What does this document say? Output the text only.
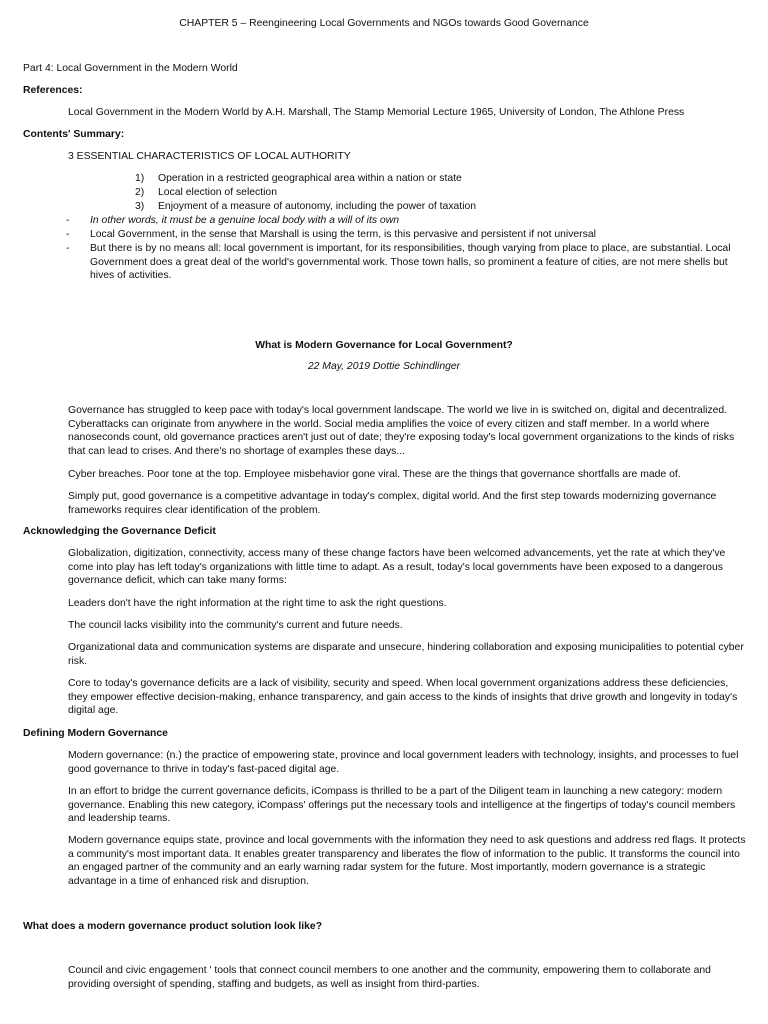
CHAPTER 5 – Reengineering Local Governments and NGOs towards Good Governance

Part 4: Local Government in the Modern World

References:

Local Government in the Modern World by A.H. Marshall, The Stamp Memorial Lecture 1965, University of London, The Athlone Press

Contents' Summary:

3 ESSENTIAL CHARACTERISTICS OF LOCAL AUTHORITY

1) Operation in a restricted geographical area within a nation or state

2) Local election of selection

3) Enjoyment of a measure of autonomy, including the power of taxation

- In other words, it must be a genuine local body with a will of its own
- Local Government, in the sense that Marshall is using the term, is this pervasive and persistent if not universal
- But there is by no means all: local government is important, for its responsibilities, though varying from place to place, are substantial. Local Government does a great deal of the world's governmental work. Those town halls, so prominent a feature of cities, are not mere shells but hives of activities.

What is Modern Governance for Local Government?

22 May, 2019 Dottie Schindlinger

Governance has struggled to keep pace with today's local government landscape. The world we live in is switched on, digital and decentralized. Cyberattacks can originate from anywhere in the world. Social media amplifies the voice of every citizen and staff member. In a world where nanoseconds count, old governance practices aren't just out of date; they're exposing today's local government organizations to the kinds of risks that can lead to crises. And there's no shortage of examples these days...

Cyber breaches. Poor tone at the top. Employee misbehavior gone viral. These are the things that governance shortfalls are made of.

Simply put, good governance is a competitive advantage in today's complex, digital world. And the first step towards modernizing governance frameworks requires clear identification of the problem.

Acknowledging the Governance Deficit

Globalization, digitization, connectivity, access many of these change factors have been welcomed advancements, yet the rate at which they've come into play has left today's organizations with little time to adapt. As a result, today's local governments have been exposed to a dangerous governance deficit, which can take many forms:

Leaders don't have the right information at the right time to ask the right questions.

The council lacks visibility into the community's current and future needs.

Organizational data and communication systems are disparate and unsecure, hindering collaboration and exposing municipalities to potential cyber risk.

Core to today's governance deficits are a lack of visibility, security and speed. When local government organizations address these deficiencies, they empower effective decision-making, enhance transparency, and gain access to the kinds of insights that drive growth and longevity in today's digital age.

Defining Modern Governance

Modern governance: (n.) the practice of empowering state, province and local government leaders with technology, insights, and processes to fuel good governance to thrive in today's fast-paced digital age.

In an effort to bridge the current governance deficits, iCompass is thrilled to be a part of the Diligent team in launching a new category: modern governance. Enabling this new category, iCompass' offerings put the necessary tools and intelligence at the fingertips of today's council members and leadership teams.

Modern governance equips state, province and local governments with the information they need to ask questions and address red flags. It protects a community's most important data. It enables greater transparency and liberates the flow of information to the public. It transforms the council into an engaged partner of the community and an early warning radar system for the future. Most importantly, modern governance is a strategic advantage in a time of enhanced risk and disruption.

What does a modern governance product solution look like?

Council and civic engagement ' tools that connect council members to one another and the community, empowering them to collaborate and providing oversight of spending, staffing and budgets, as well as insight from third-parties.
